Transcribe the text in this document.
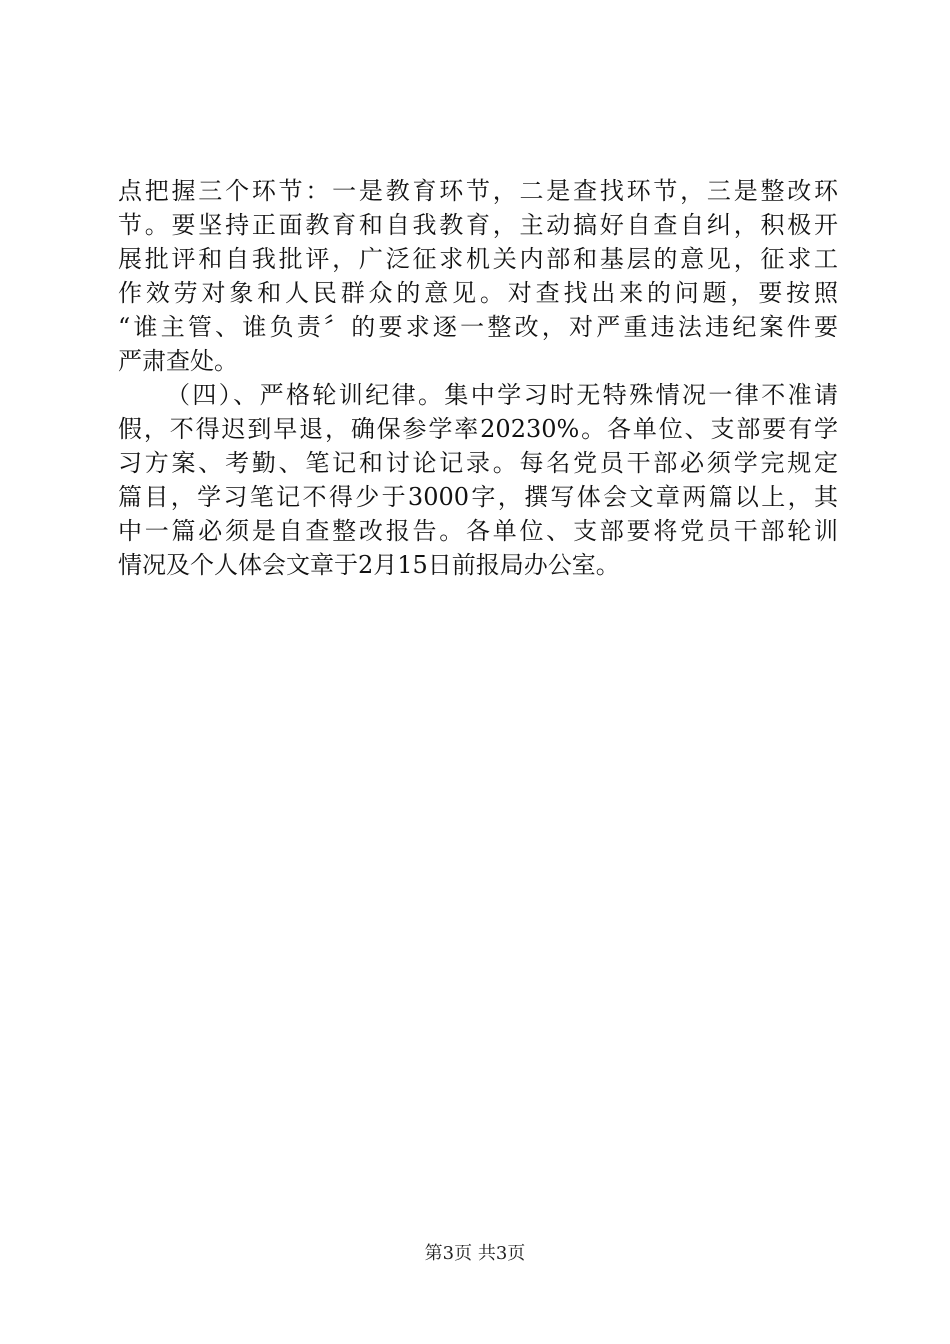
点把握三个环节：一是教育环节，二是查找环节，三是整改环
节。要坚持正面教育和自我教育，主动搞好自查自纠，积极开
展批评和自我批评，广泛征求机关内部和基层的意见，征求工
作效劳对象和人民群众的意见。对查找出来的问题，要按照
“谁主管、谁负责〞的要求逐一整改，对严重违法违纪案件要
严肃查处。
（四）、严格轮训纪律。集中学习时无特殊情况一律不准请
假，不得迟到早退，确保参学率20230%。各单位、支部要有学
习方案、考勤、笔记和讨论记录。每名党员干部必须学完规定
篇目，学习笔记不得少于3000字，撰写体会文章两篇以上，其
中一篇必须是自查整改报告。各单位、支部要将党员干部轮训
情况及个人体会文章于2月15日前报局办公室。
第3页 共3页
